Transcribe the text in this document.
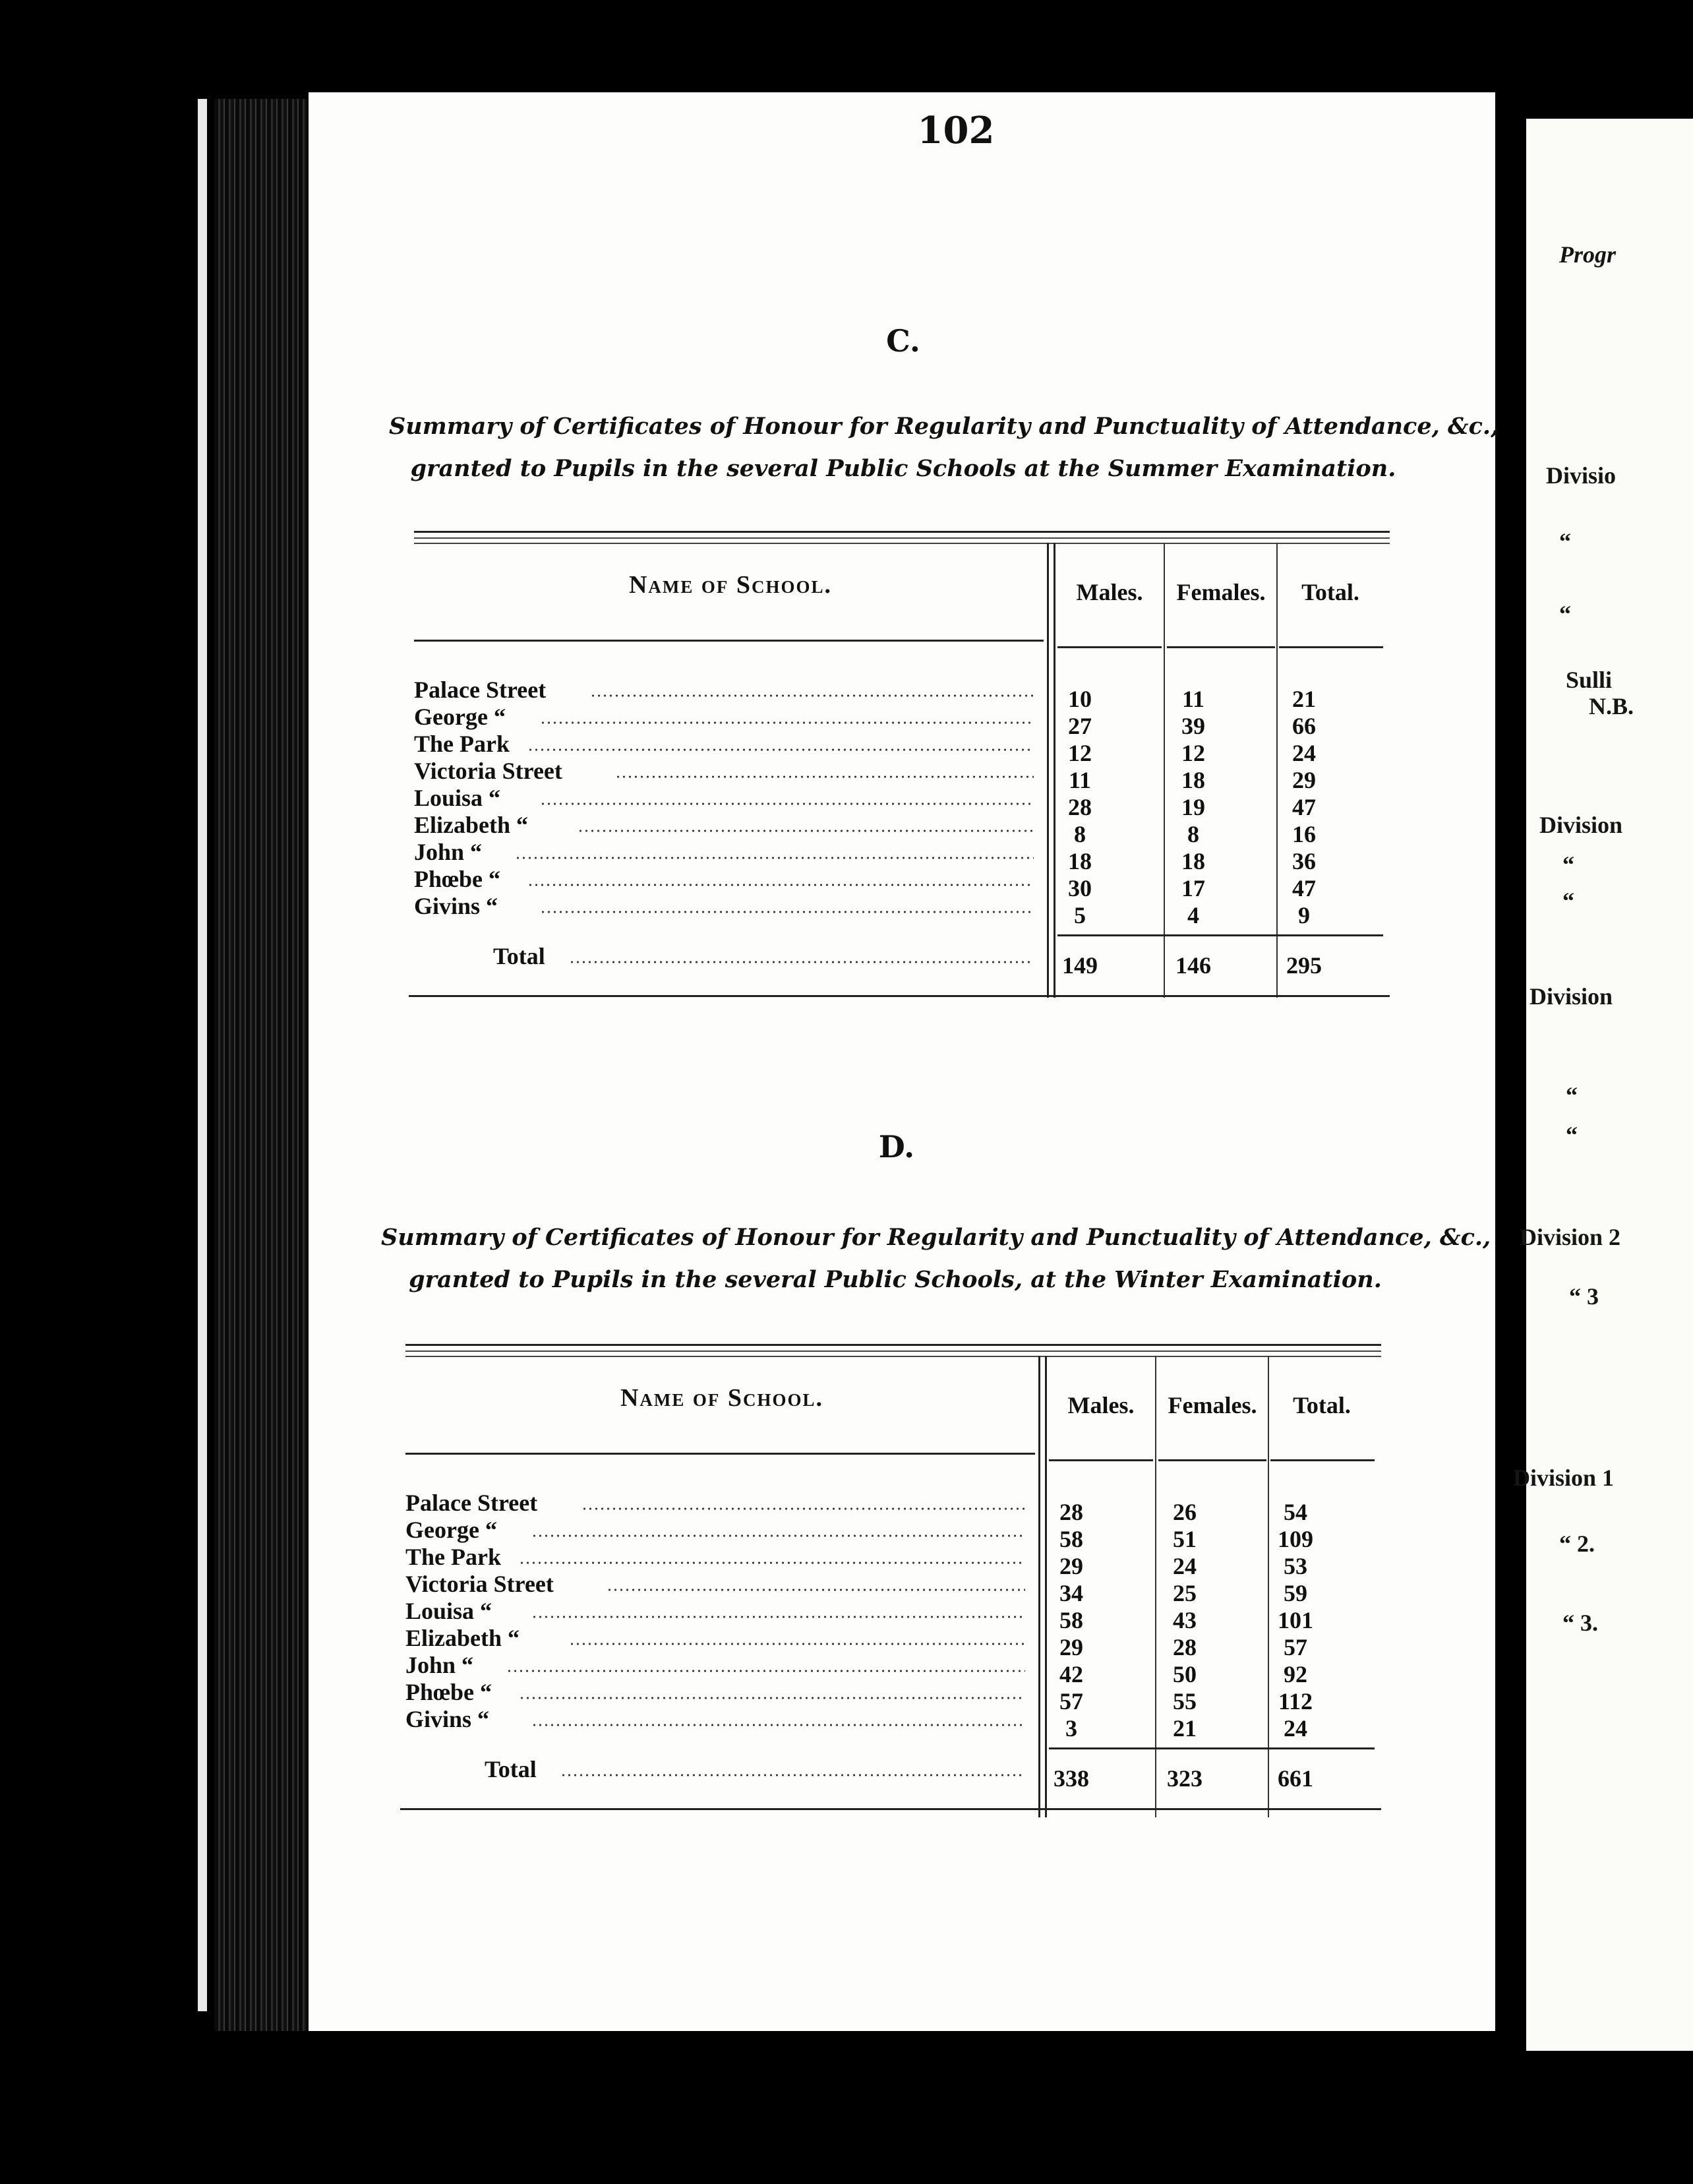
102
C.
Summary of Certificates of Honour for Regularity and Punctuality of Attendance, &c.,
granted to Pupils in the several Public Schools at the Summer Examination.
Name of School.	Males.	Females.	Total.
Palace Street	10	11	21
George “	27	39	66
The Park	12	12	24
Victoria Street	11	18	29
Louisa “	28	19	47
Elizabeth “	8	8	16
John “	18	18	36
Phœbe “	30	17	47
Givins “	5	4	9
Total	149	146	295
D.
Summary of Certificates of Honour for Regularity and Punctuality of Attendance, &c.,
granted to Pupils in the several Public Schools, at the Winter Examination.
Name of School.	Males.	Females.	Total.
Palace Street	28	26	54
George “	58	51	109
The Park	29	24	53
Victoria Street	34	25	59
Louisa “	58	43	101
Elizabeth “	29	28	57
John “	42	50	92
Phœbe “	57	55	112
Givins “	3	21	24
Total	338	323	661
Progr
Divisio
“
“
Sulli
N.B.
Division
“
“
Division
“
“
Division 2
“ 3
Division 1
“ 2.
“ 3.
